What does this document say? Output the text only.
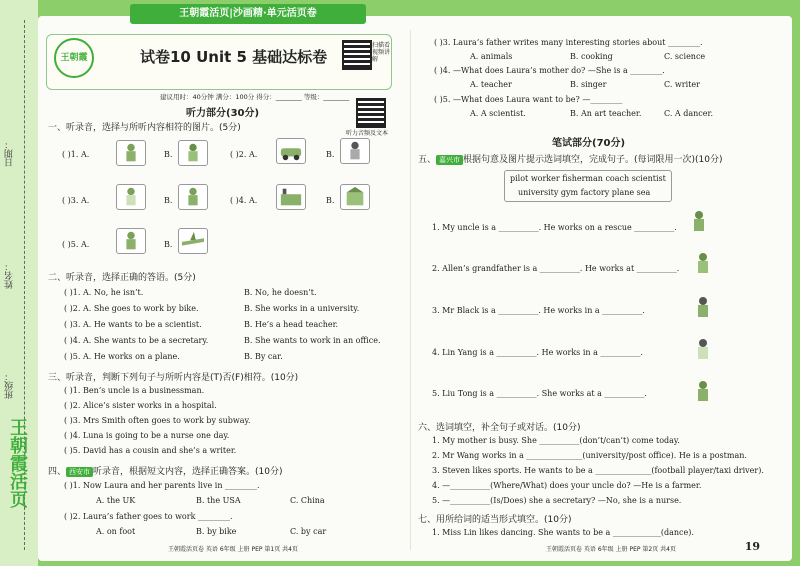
日期：
姓名：
班级：
王朝霞活页
王朝霞活页|沙画精·单元活页卷
王朝霞	试卷10 Unit 5 基础达标卷
扫描看视频讲解
建议用时：40分钟 满分：100分 得分：________ 等级：________
听力音频及文本
听力部分(30分)
一、听录音，选择与所听内容相符的图片。(5分)
( )1. A.	B.	( )2. A.	B.
( )3. A.	B.	( )4. A.	B.
( )5. A.	B.
二、听录音，选择正确的答语。(5分)
( )1. A. No, he isn’t.	B. No, he doesn’t.
( )2. A. She goes to work by bike.	B. She works in a university.
( )3. A. He wants to be a scientist.	B. He’s a head teacher.
( )4. A. She wants to be a secretary.	B. She wants to work in an office.
( )5. A. He works on a plane.	B. By car.
三、听录音，判断下列句子与所听内容是(T)否(F)相符。(10分)
( )1. Ben’s uncle is a businessman.
( )2. Alice’s sister works in a hospital.
( )3. Mrs Smith often goes to work by subway.
( )4. Luna is going to be a nurse one day.
( )5. David has a cousin and she’s a writer.
四、 西安市 听录音，根据短文内容，选择正确答案。(10分)
( )1. Now Laura and her parents live in ________.
A. the UK	B. the USA	C. China
( )2. Laura’s father goes to work ________.
A. on foot	B. by bike	C. by car
王朝霞活页卷 英语 6年级 上册 PEP 第1页 共4页
( )3. Laura’s father writes many interesting stories about ________.
A. animals	B. cooking	C. science
( )4. —What does Laura’s mother do? —She is a ________.
A. teacher	B. singer	C. writer
( )5. —What does Laura want to be? —________
A. A scientist.	B. An art teacher.	C. A dancer.
笔试部分(70分)
五、 嘉兴市 根据句意及图片提示选词填空，完成句子。(每词限用一次)(10分)
pilot worker fisherman coach scientist
university gym factory plane sea
1. My uncle is a __________. He works on a rescue __________.
2. Allen’s grandfather is a __________. He works at __________.
3. Mr Black is a __________. He works in a __________.
4. Lin Yang is a __________. He works in a __________.
5. Liu Tong is a __________. She works at a __________.
六、选词填空，补全句子或对话。(10分)
1. My mother is busy. She __________(don’t/can’t) come today.
2. Mr Wang works in a ______________(university/post office). He is a postman.
3. Steven likes sports. He wants to be a ______________(football player/taxi driver).
4. —__________(Where/What) does your uncle do? —He is a farmer.
5. —__________(Is/Does) she a secretary? —No, she is a nurse.
七、用所给词的适当形式填空。(10分)
1. Miss Lin likes dancing. She wants to be a ____________(dance).
王朝霞活页卷 英语 6年级 上册 PEP 第2页 共4页	19
